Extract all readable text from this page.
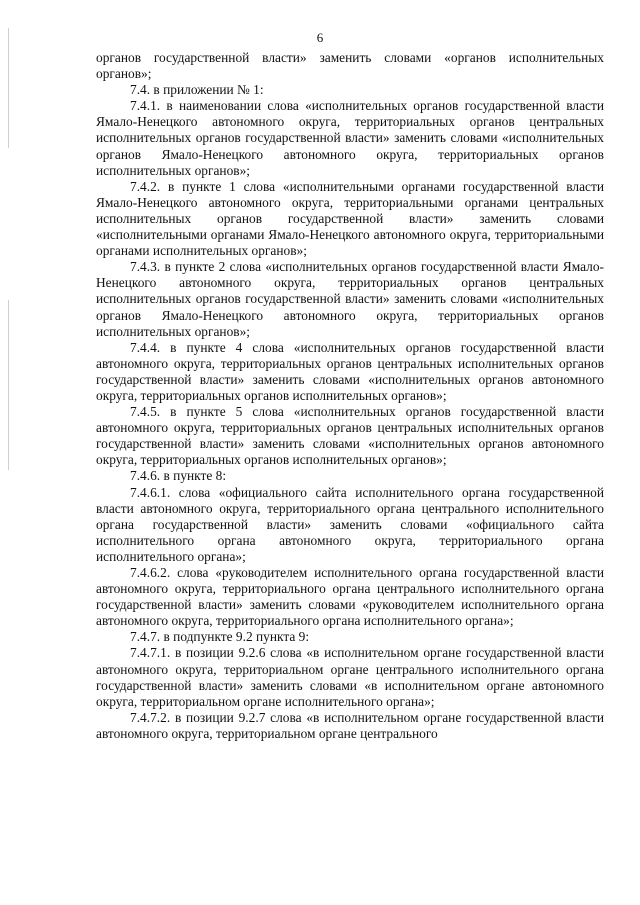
6

органов государственной власти» заменить словами «органов исполнительных органов»;

7.4. в приложении № 1:

7.4.1. в наименовании слова «исполнительных органов государственной власти Ямало-Ненецкого автономного округа, территориальных органов центральных исполнительных органов государственной власти» заменить словами «исполнительных органов Ямало-Ненецкого автономного округа, территориальных органов исполнительных органов»;

7.4.2. в пункте 1 слова «исполнительными органами государственной власти Ямало-Ненецкого автономного округа, территориальными органами центральных исполнительных органов государственной власти» заменить словами «исполнительными органами Ямало-Ненецкого автономного округа, территориальными органами исполнительных органов»;

7.4.3. в пункте 2 слова «исполнительных органов государственной власти Ямало-Ненецкого автономного округа, территориальных органов центральных исполнительных органов государственной власти» заменить словами «исполнительных органов Ямало-Ненецкого автономного округа, территориальных органов исполнительных органов»;

7.4.4. в пункте 4 слова «исполнительных органов государственной власти автономного округа, территориальных органов центральных исполнительных органов государственной власти» заменить словами «исполнительных органов автономного округа, территориальных органов исполнительных органов»;

7.4.5. в пункте 5 слова «исполнительных органов государственной власти автономного округа, территориальных органов центральных исполнительных органов государственной власти» заменить словами «исполнительных органов автономного округа, территориальных органов исполнительных органов»;

7.4.6. в пункте 8:

7.4.6.1. слова «официального сайта исполнительного органа государственной власти автономного округа, территориального органа центрального исполнительного органа государственной власти» заменить словами «официального сайта исполнительного органа автономного округа, территориального органа исполнительного органа»;

7.4.6.2. слова «руководителем исполнительного органа государственной власти автономного округа, территориального органа центрального исполнительного органа государственной власти» заменить словами «руководителем исполнительного органа автономного округа, территориального органа исполнительного органа»;

7.4.7. в подпункте 9.2 пункта 9:

7.4.7.1. в позиции 9.2.6 слова «в исполнительном органе государственной власти автономного округа, территориальном органе центрального исполнительного органа государственной власти» заменить словами «в исполнительном органе автономного округа, территориальном органе исполнительного органа»;

7.4.7.2. в позиции 9.2.7 слова «в исполнительном органе государственной власти автономного округа, территориальном органе центрального
